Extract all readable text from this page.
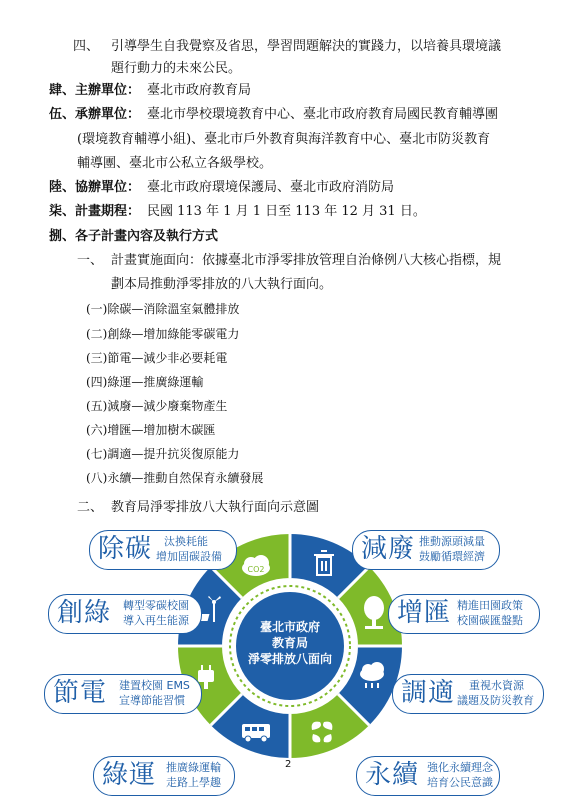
四、 引導學生自我覺察及省思，學習問題解決的實踐力，以培養具環境議
題行動力的未來公民。
肆、主辦單位： 臺北市政府教育局
伍、承辦單位： 臺北市學校環境教育中心、臺北市政府教育局國民教育輔導團
(環境教育輔導小組)、臺北市戶外教育與海洋教育中心、臺北市防災教育
輔導團、臺北市公私立各級學校。
陸、協辦單位： 臺北市政府環境保護局、臺北市政府消防局
柒、計畫期程： 民國 113 年 1 月 1 日至 113 年 12 月 31 日。
捌、各子計畫內容及執行方式
一、 計畫實施面向：依據臺北市淨零排放管理自治條例八大核心指標，規
劃本局推動淨零排放的八大執行面向。
(一)除碳—消除溫室氣體排放
(二)創綠—增加綠能零碳電力
(三)節電—減少非必要耗電
(四)綠運—推廣綠運輸
(五)減廢—減少廢棄物產生
(六)增匯—增加樹木碳匯
(七)調適—提升抗災復原能力
(八)永續—推動自然保育永續發展
二、 教育局淨零排放八大執行面向示意圖
CO2
臺北市政府
教育局
淨零排放八面向
除碳 汰換耗能
增加固碳設備
創綠 轉型零碳校園
導入再生能源
節電 建置校園 EMS
宣導節能習慣
綠運 推廣綠運輸
走路上學趣
減廢 推動源頭減量
鼓勵循環經濟
增匯 精進田園政策
校園碳匯盤點
調適 重視水資源
議題及防災教育
永續 強化永續理念
培育公民意識
2
